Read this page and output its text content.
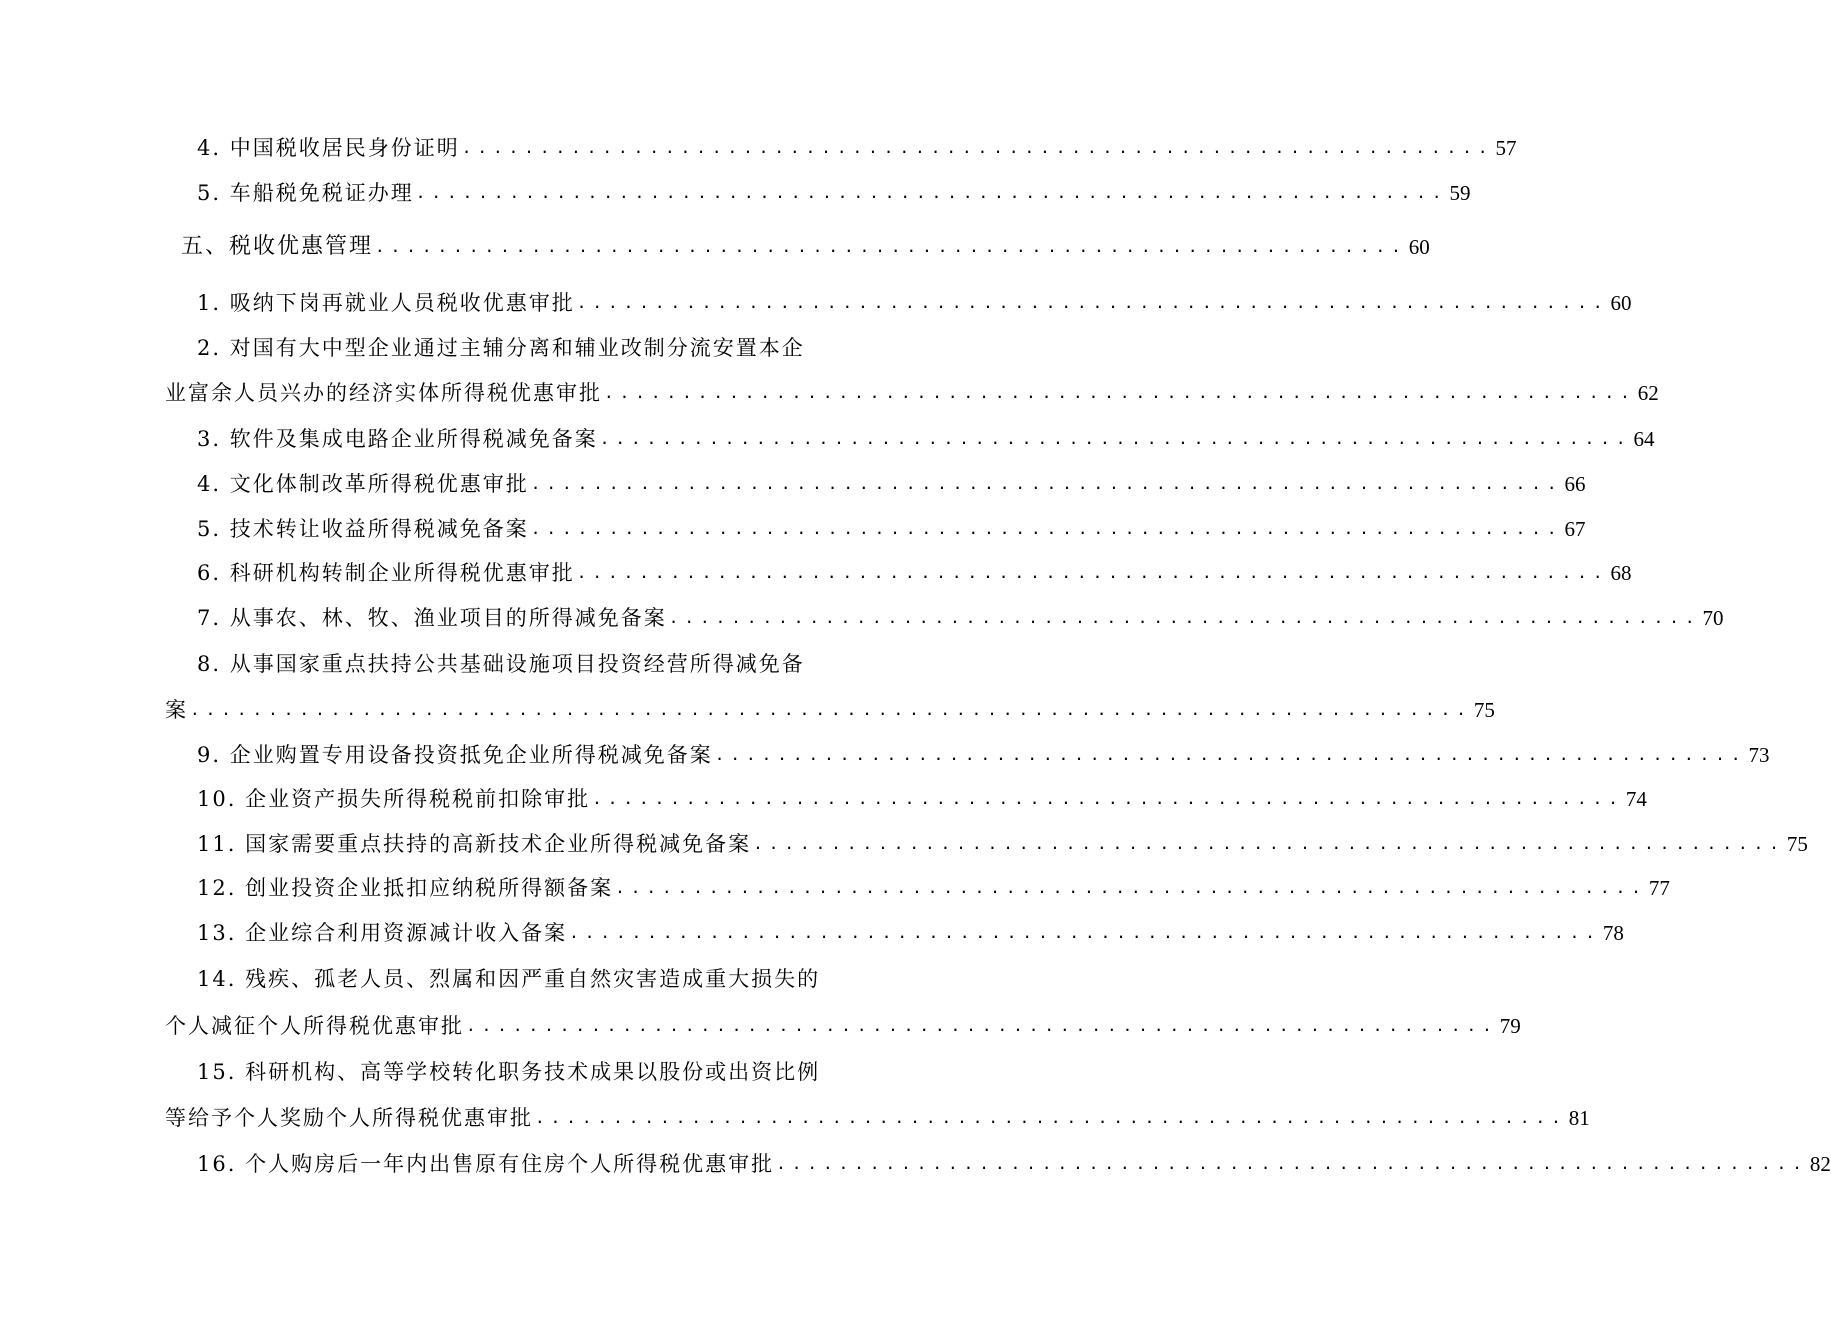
4. 中国税收居民身份证明 .................................................................. 57
5. 车船税免税证办理 .................................................................. 59
五、税收优惠管理 .................................................................. 60
1. 吸纳下岗再就业人员税收优惠审批 .................................................................. 60
2. 对国有大中型企业通过主辅分离和辅业改制分流安置本企
业富余人员兴办的经济实体所得税优惠审批 .................................................................. 62
3. 软件及集成电路企业所得税减免备案 .................................................................. 64
4. 文化体制改革所得税优惠审批 .................................................................. 66
5. 技术转让收益所得税减免备案 .................................................................. 67
6. 科研机构转制企业所得税优惠审批 .................................................................. 68
7. 从事农、林、牧、渔业项目的所得减免备案 .................................................................. 70
8. 从事国家重点扶持公共基础设施项目投资经营所得减免备
案 .................................................................................. 75
9. 企业购置专用设备投资抵免企业所得税减免备案 .................................................................. 73
10. 企业资产损失所得税税前扣除审批 .................................................................. 74
11. 国家需要重点扶持的高新技术企业所得税减免备案 .................................................................. 75
12. 创业投资企业抵扣应纳税所得额备案 .................................................................. 77
13. 企业综合利用资源减计收入备案 .................................................................. 78
14. 残疾、孤老人员、烈属和因严重自然灾害造成重大损失的
个人减征个人所得税优惠审批 .................................................................. 79
15. 科研机构、高等学校转化职务技术成果以股份或出资比例
等给予个人奖励个人所得税优惠审批 .................................................................. 81
16. 个人购房后一年内出售原有住房个人所得税优惠审批 .................................................................. 82
